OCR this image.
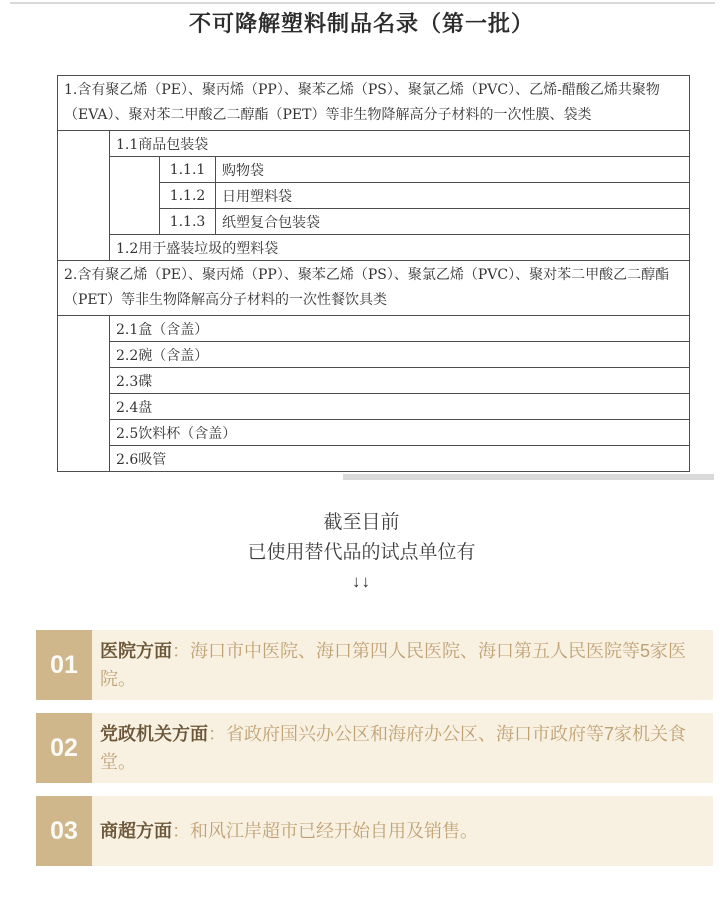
不可降解塑料制品名录（第一批）
1.含有聚乙烯（PE）、聚丙烯（PP）、聚苯乙烯（PS）、聚氯乙烯（PVC）、乙烯-醋酸乙烯共聚物（EVA）、聚对苯二甲酸乙二醇酯（PET）等非生物降解高分子材料的一次性膜、袋类			
	1.1商品包装袋		
		1.1.1	购物袋
		1.1.2	日用塑料袋
		1.1.3	纸塑复合包装袋
	1.2用于盛装垃圾的塑料袋		
2.含有聚乙烯（PE）、聚丙烯（PP）、聚苯乙烯（PS）、聚氯乙烯（PVC）、聚对苯二甲酸乙二醇酯（PET）等非生物降解高分子材料的一次性餐饮具类			
	2.1盒（含盖）		
	2.2碗（含盖）		
	2.3碟		
	2.4盘		
	2.5饮料杯（含盖）		
	2.6吸管		
截至目前
已使用替代品的试点单位有
↓↓
01	医院方面：海口市中医院、海口第四人民医院、海口第五人民医院等5家医院。
02	党政机关方面：省政府国兴办公区和海府办公区、海口市政府等7家机关食堂。
03	商超方面：和风江岸超市已经开始自用及销售。
